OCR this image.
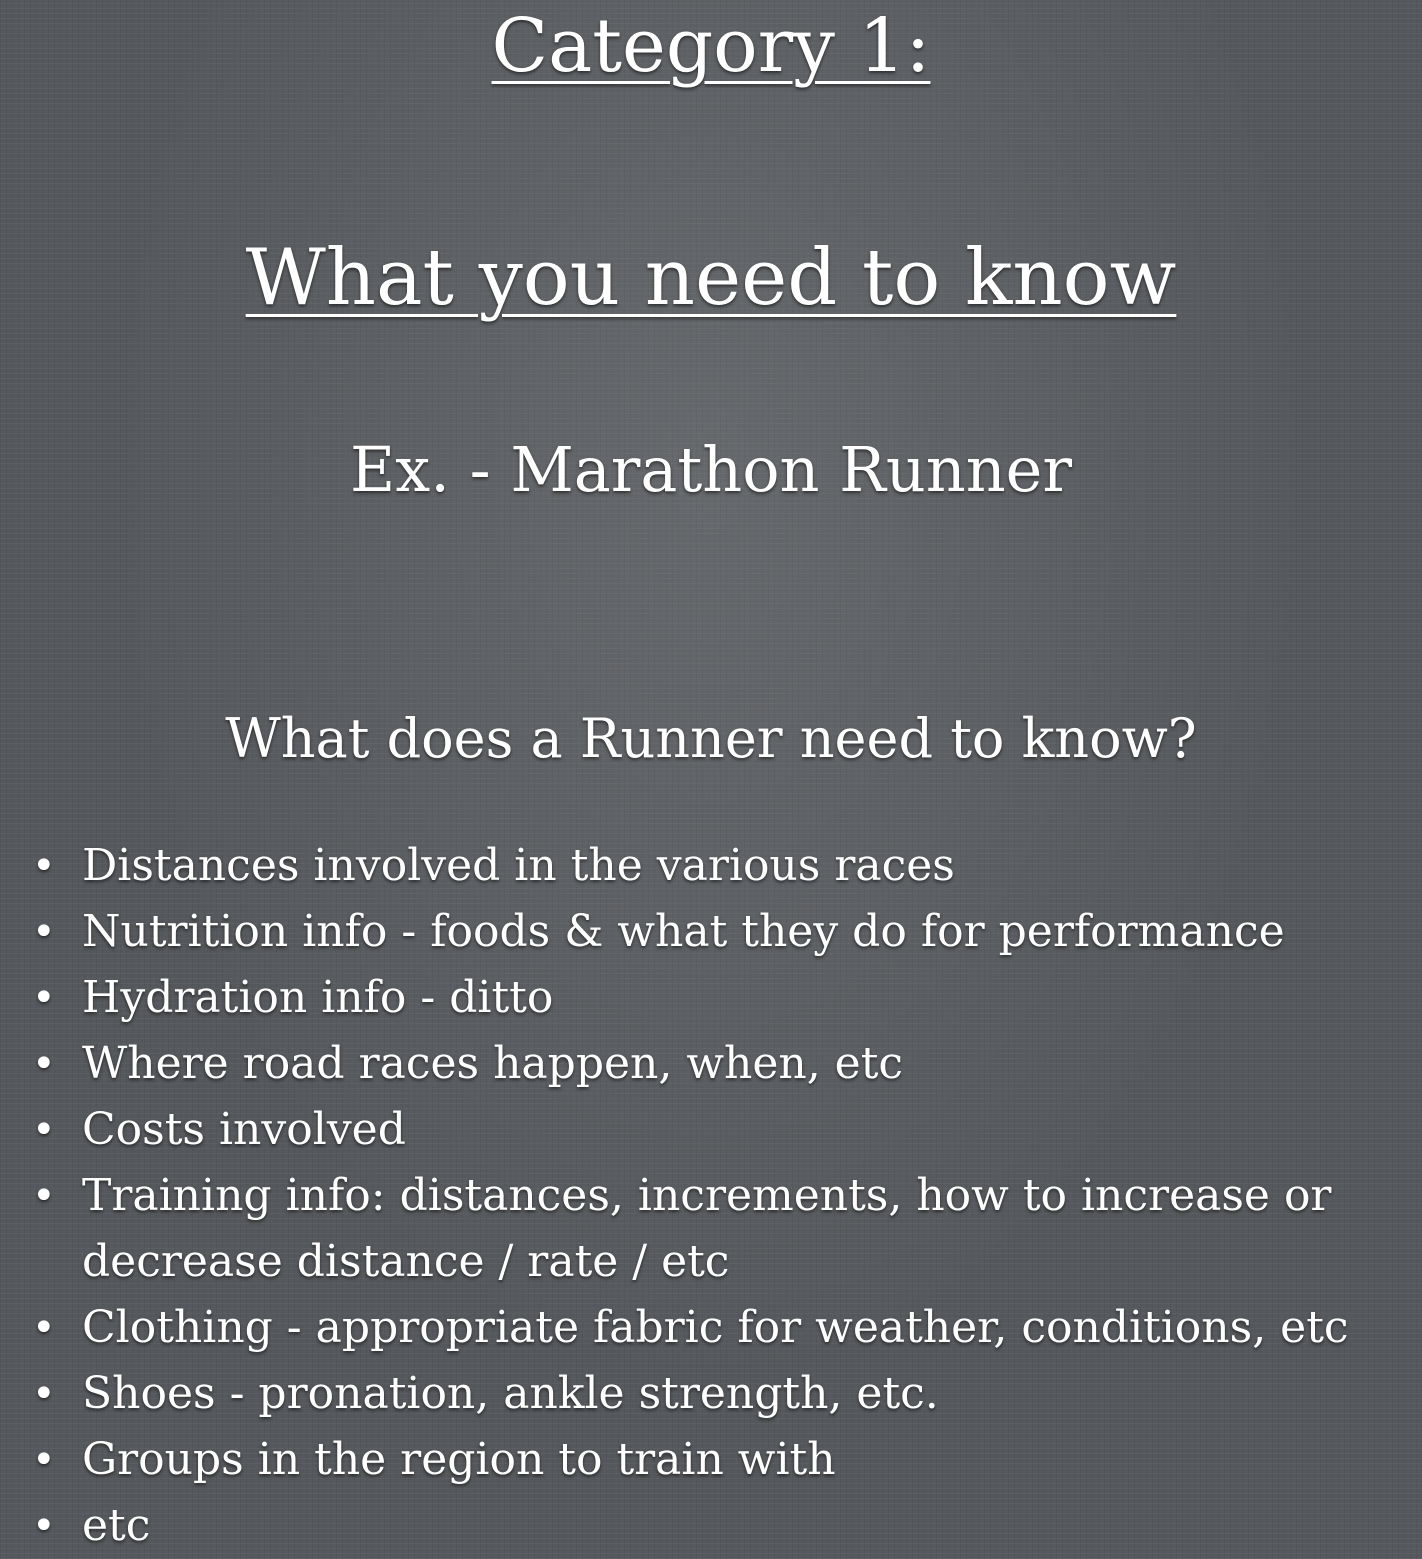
Category 1:
What you need to know
Ex. - Marathon Runner
What does a Runner need to know?
• Distances involved in the various races
• Nutrition info - foods & what they do for performance
• Hydration info - ditto
• Where road races happen, when, etc
• Costs involved
• Training info: distances, increments, how to increase or decrease distance / rate / etc
• Clothing - appropriate fabric for weather, conditions, etc
• Shoes - pronation, ankle strength, etc.
• Groups in the region to train with
• etc
